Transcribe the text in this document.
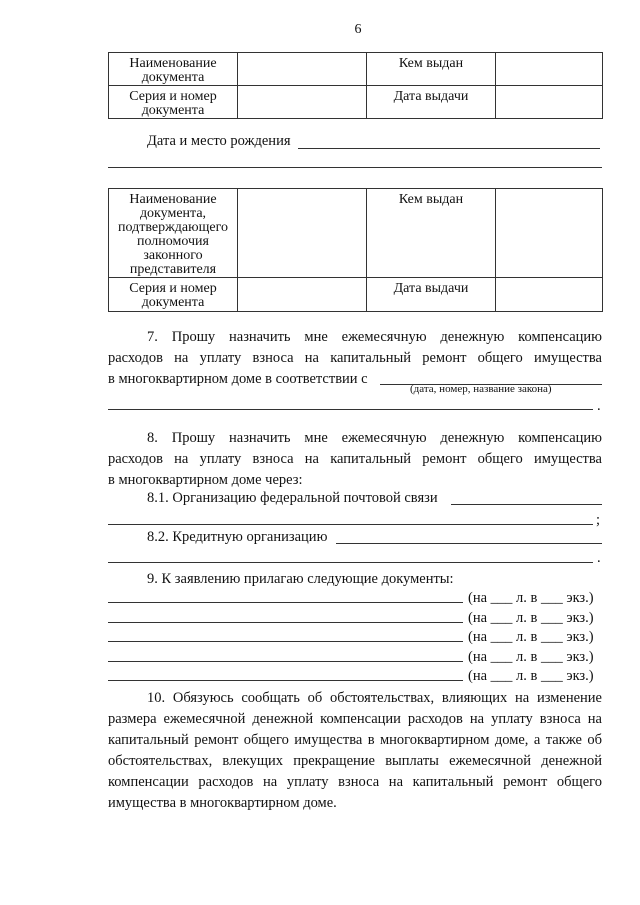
6
Наименование документа		Кем выдан	
Серия и номер документа		Дата выдачи	
Дата и место рождения
Наименование документа, подтверждающего полномочия законного представителя		Кем выдан	
Серия и номер документа		Дата выдачи	
7. Прошу назначить мне ежемесячную денежную компенсацию
расходов на уплату взноса на капитальный ремонт общего имущества
в многоквартирном доме в соответствии с
(дата, номер, название закона)
.
8. Прошу назначить мне ежемесячную денежную компенсацию
расходов на уплату взноса на капитальный ремонт общего имущества
в многоквартирном доме через:
8.1. Организацию федеральной почтовой связи
;
8.2. Кредитную организацию
.
9. К заявлению прилагаю следующие документы:
(на ___ л. в ___ экз.)
(на ___ л. в ___ экз.)
(на ___ л. в ___ экз.)
(на ___ л. в ___ экз.)
(на ___ л. в ___ экз.)
10. Обязуюсь сообщать об обстоятельствах, влияющих на изменение
размера ежемесячной денежной компенсации расходов на уплату взноса на
капитальный ремонт общего имущества в многоквартирном доме, а также об
обстоятельствах, влекущих прекращение выплаты ежемесячной денежной
компенсации расходов на уплату взноса на капитальный ремонт общего
имущества в многоквартирном доме.
